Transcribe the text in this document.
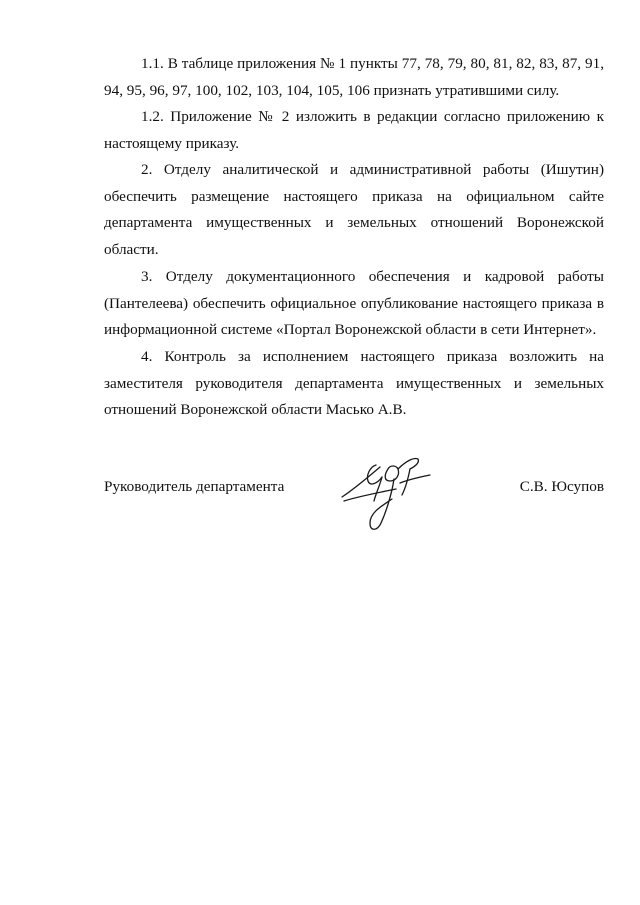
1.1. В таблице приложения № 1 пункты 77, 78, 79, 80, 81, 82, 83, 87, 91, 94, 95, 96, 97, 100, 102, 103, 104, 105, 106 признать утратившими силу.

1.2. Приложение № 2 изложить в редакции согласно приложению к настоящему приказу.

2. Отделу аналитической и административной работы (Ишутин) обеспечить размещение настоящего приказа на официальном сайте департамента имущественных и земельных отношений Воронежской области.

3. Отделу документационного обеспечения и кадровой работы (Пантелеева) обеспечить официальное опубликование настоящего приказа в информационной системе «Портал Воронежской области в сети Интернет».

4. Контроль за исполнением настоящего приказа возложить на заместителя руководителя департамента имущественных и земельных отношений Воронежской области Масько А.В.

Руководитель департамента	С.В. Юсупов
